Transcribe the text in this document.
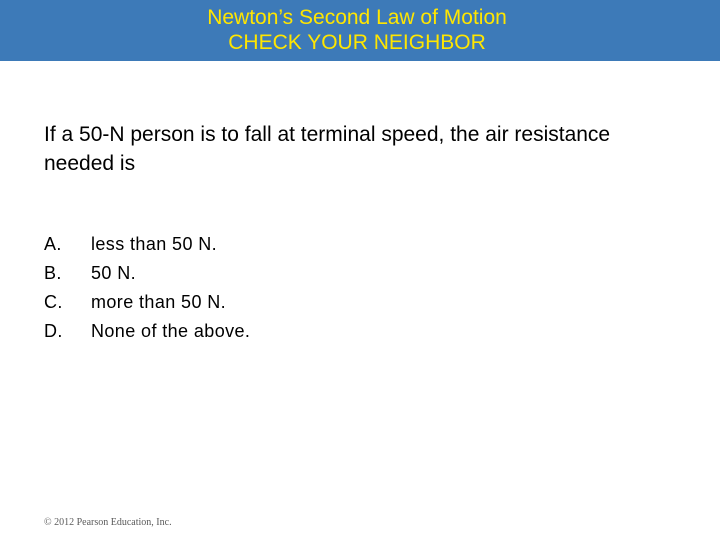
Newton’s Second Law of Motion
CHECK YOUR NEIGHBOR

If a 50-N person is to fall at terminal speed, the air resistance needed is

A. less than 50 N.
B. 50 N.
C. more than 50 N.
D. None of the above.
© 2012 Pearson Education, Inc.
